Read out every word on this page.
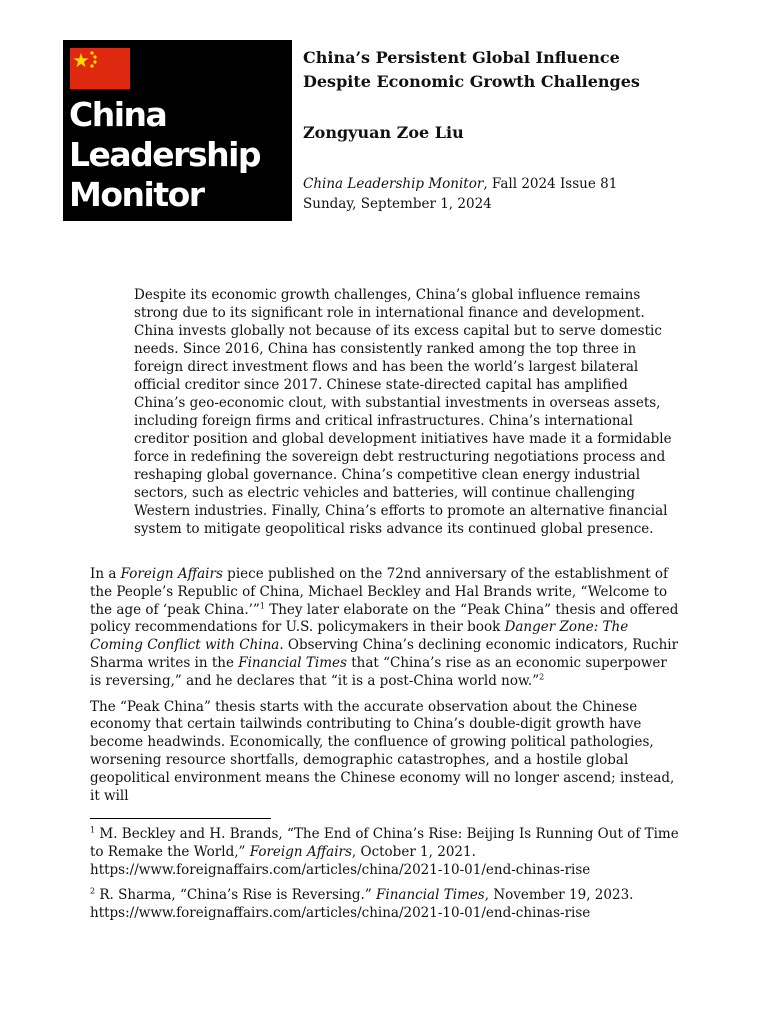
China
Leadership
Monitor
China’s Persistent Global Influence
Despite Economic Growth Challenges

Zongyuan Zoe Liu

China Leadership Monitor, Fall 2024 Issue 81
Sunday, September 1, 2024

Despite its economic growth challenges, China’s global influence remains strong due to its significant role in international finance and development. China invests globally not because of its excess capital but to serve domestic needs. Since 2016, China has consistently ranked among the top three in foreign direct investment flows and has been the world’s largest bilateral official creditor since 2017. Chinese state-directed capital has amplified China’s geo-economic clout, with substantial investments in overseas assets, including foreign firms and critical infrastructures. China’s international creditor position and global development initiatives have made it a formidable force in redefining the sovereign debt restructuring negotiations process and reshaping global governance. China’s competitive clean energy industrial sectors, such as electric vehicles and batteries, will continue challenging Western industries. Finally, China’s efforts to promote an alternative financial system to mitigate geopolitical risks advance its continued global presence.

In a Foreign Affairs piece published on the 72nd anniversary of the establishment of the People’s Republic of China, Michael Beckley and Hal Brands write, “Welcome to the age of ‘peak China.’”$^1$ They later elaborate on the “Peak China” thesis and offered policy recommendations for U.S. policymakers in their book Danger Zone: The Coming Conflict with China. Observing China’s declining economic indicators, Ruchir Sharma writes in the Financial Times that “China’s rise as an economic superpower is reversing,” and he declares that “it is a post-China world now.”$^2$

The “Peak China” thesis starts with the accurate observation about the Chinese economy that certain tailwinds contributing to China’s double-digit growth have become headwinds. Economically, the confluence of growing political pathologies, worsening resource shortfalls, demographic catastrophes, and a hostile global geopolitical environment means the Chinese economy will no longer ascend; instead, it will

$^1$ M. Beckley and H. Brands, “The End of China’s Rise: Beijing Is Running Out of Time to Remake the World,” Foreign Affairs, October 1, 2021.
https://www.foreignaffairs.com/articles/china/2021-10-01/end-chinas-rise

$^2$ R. Sharma, “China’s Rise is Reversing.” Financial Times, November 19, 2023.
https://www.foreignaffairs.com/articles/china/2021-10-01/end-chinas-rise
